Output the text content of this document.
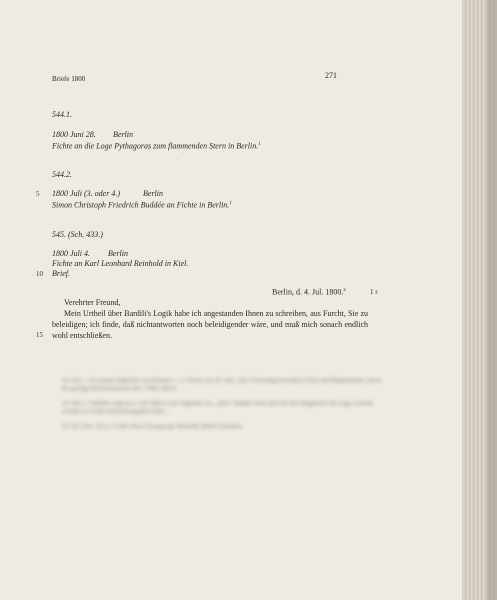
Briefe 1800	271
544.1.
1800 Juni 28. Berlin
Fichte an die Loge Pythagoras zum flammenden Stern in Berlin.$^1$
˙ ·
544.2.
1800 Juli (3. oder 4.)	Berlin
Simon Christoph Friedrich Buddée an Fichte in Berlin.$^1$
545. (Sch. 433.)
1800 Juli 4. Berlin
Fichte an Karl Leonhard Reinhold in Kiel.
Brief.
5
10
15
Berlin, d. 4. Jul. 1800.$^a$	1 r
Verehrter Freund,
Mein Urtheil über Bardili's Logik habe ich angestanden Ihnen zu schreiben, aus Furcht, Sie zu beleidigen; ich finde, daß nichtantworten noch beleidigender wäre, und muß mich sonach endlich wohl entschließen.

Zu 544.1. 1 In seinem Tagebuch verzeichnete C. A. Fischer am 28. Juni: „Der Vorsitzung beiwohnte Fichte und Bürgermeister, durch die geistige Beleuchtung aus den 1790er Jahren …

Zu 544.2. 1 Buddée zeigt am 4. Juli 1800 in sein Tagebuch ein, „daß F. Buddée nicht mehr bei den Mitgliedern der Loge verweilt, worüber er Fichte Nachricht gegeben habe …

Zu 545. (Sch. 433.) 1 Ueber diese Fassung vgl. Reinhold, Briefe Schreiben.
